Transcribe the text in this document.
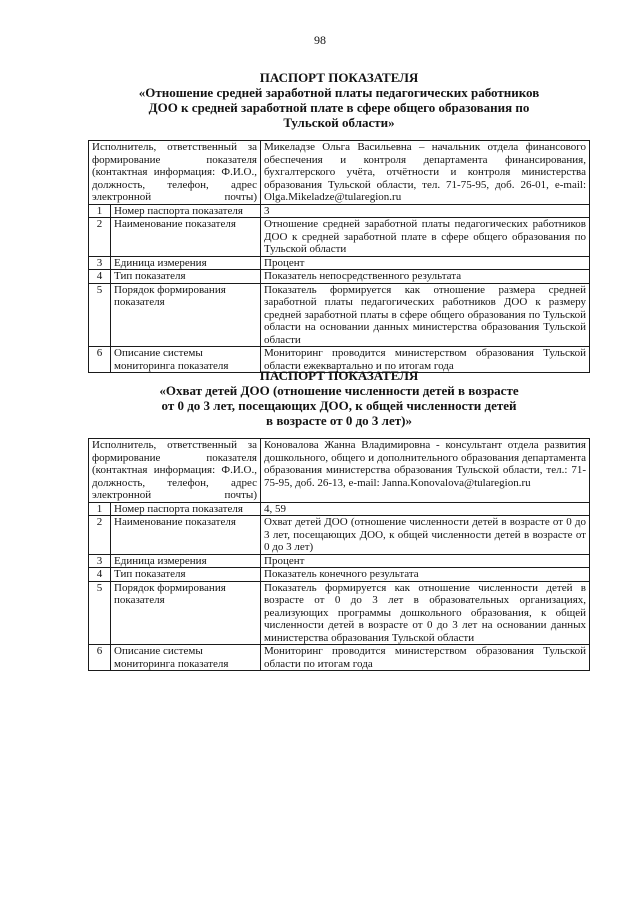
98

ПАСПОРТ ПОКАЗАТЕЛЯ

«Отношение средней заработной платы педагогических работников

ДОО к средней заработной плате в сфере общего образования по

Тульской области»

Исполнитель, ответственный за формирование показателя (контактная информация: Ф.И.О., должность, телефон, адрес электронной почты)		Микеладзе Ольга Васильевна – начальник отдела финансового обеспечения и контроля департамента финансирования, бухгалтерского учёта, отчётности и контроля министерства образования Тульской области, тел. 71-75-95, доб. 26-01, e-mail: Olga.Mikeladze@tularegion.ru
1	Номер паспорта показателя	3
2	Наименование показателя	Отношение средней заработной платы педагогических работников ДОО к средней заработной плате в сфере общего образования по Тульской области
3	Единица измерения	Процент
4	Тип показателя	Показатель непосредственного результата
5	Порядок формирования показателя	Показатель формируется как отношение размера средней заработной платы педагогических работников ДОО к размеру средней заработной платы в сфере общего образования по Тульской области на основании данных министерства образования Тульской области
6	Описание системы мониторинга показателя	Мониторинг проводится министерством образования Тульской области ежеквартально и по итогам года

ПАСПОРТ ПОКАЗАТЕЛЯ

«Охват детей ДОО (отношение численности детей в возрасте

от 0 до 3 лет, посещающих ДОО, к общей численности детей

в возрасте от 0 до 3 лет)»

Исполнитель, ответственный за формирование показателя (контактная информация: Ф.И.О., должность, телефон, адрес электронной почты)		Коновалова Жанна Владимировна - консультант отдела развития дошкольного, общего и дополнительного образования департамента образования министерства образования Тульской области, тел.: 71-75-95, доб. 26-13, e-mail: Janna.Konovalova@tularegion.ru
1	Номер паспорта показателя	4, 59
2	Наименование показателя	Охват детей ДОО (отношение численности детей в возрасте от 0 до 3 лет, посещающих ДОО, к общей численности детей в возрасте от 0 до 3 лет)
3	Единица измерения	Процент
4	Тип показателя	Показатель конечного результата
5	Порядок формирования показателя	Показатель формируется как отношение численности детей в возрасте от 0 до 3 лет в образовательных организациях, реализующих программы дошкольного образования, к общей численности детей в возрасте от 0 до 3 лет на основании данных министерства образования Тульской области
6	Описание системы мониторинга показателя	Мониторинг проводится министерством образования Тульской области по итогам года
